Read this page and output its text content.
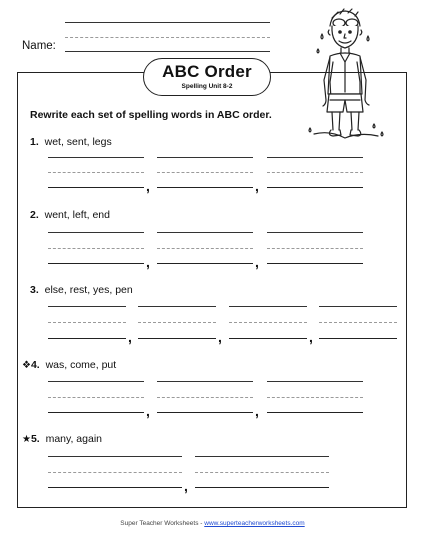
Name:
ABC Order
Spelling Unit 8-2
Rewrite each set of spelling words in ABC order.
1. wet, sent, legs
,	,
2. went, left, end
,	,
3. else, rest, yes, pen
,	,	,
❖4. was, come, put
,	,
★5. many, again
,
Super Teacher Worksheets - www.superteacherworksheets.com
